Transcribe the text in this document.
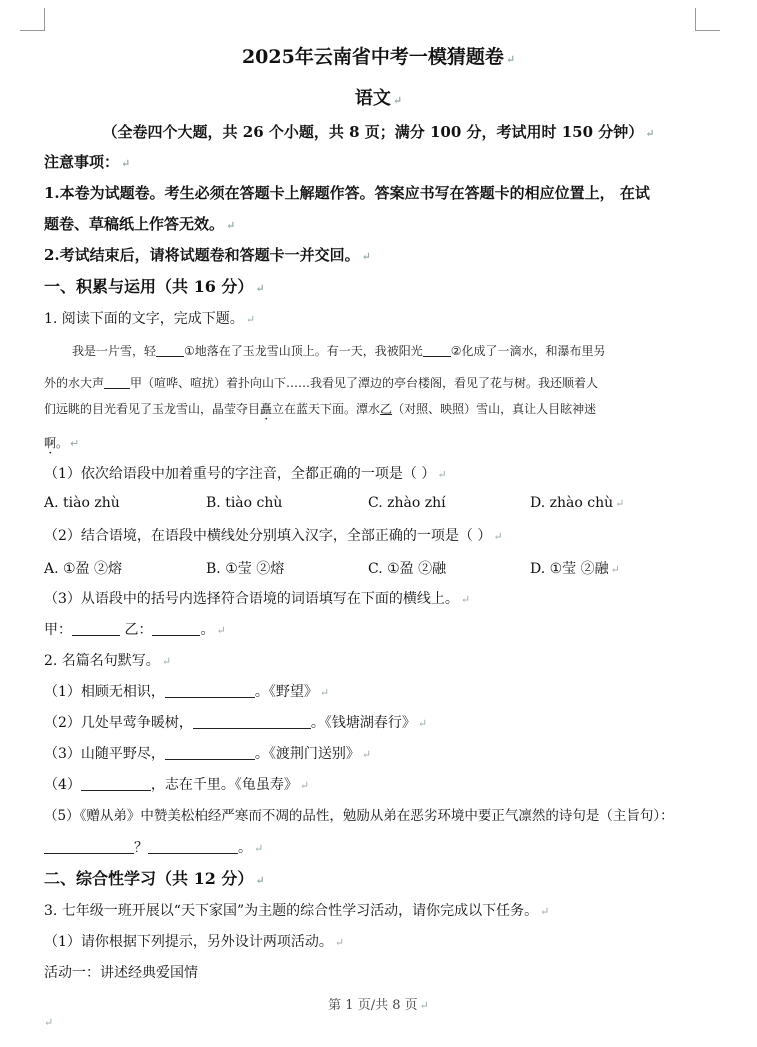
2025年云南省中考一模猜题卷 ↵
语文 ↵
（全卷四个大题，共 26 个小题，共 8 页；满分 100 分，考试用时 150 分钟） ↵
注意事项： ↵
1.本卷为试题卷。考生必须在答题卡上解题作答。答案应书写在答题卡的相应位置上， 在试
题卷、草稿纸上作答无效。 ↵
2.考试结束后，请将试题卷和答题卡一并交回。 ↵
一、积累与运用（共 16 分） ↵
1. 阅读下面的文字，完成下题。 ↵
我是一片雪，轻 ①地落在了玉龙雪山顶上。有一天，我被阳光 ②化成了一滴水，和瀑布里另
外的水大声 甲（喧哗、喧扰）着扑向山下……我看见了潭边的亭台楼阁，看见了花与树。我还顺着人
们远眺的目光看见了玉龙雪山，晶莹夺目矗立在蓝天下面。潭水乙（对照、映照）雪山，真让人目眩神迷
啊。 ↵
（1）依次给语段中加着重号的字注音，全都正确的一项是（ ） ↵
A. tiào zhù	B. tiào chù	C. zhào zhí	D. zhào chù ↵
（2）结合语境，在语段中横线处分别填入汉字，全部正确的一项是（ ） ↵
A. ①盈 ②熔	B. ①莹 ②熔	C. ①盈 ②融	D. ①莹 ②融 ↵
（3）从语段中的括号内选择符合语境的词语填写在下面的横线上。 ↵
甲：	乙：	。 ↵
2. 名篇名句默写。 ↵
（1）相顾无相识，	。《野望》 ↵
（2）几处早莺争暖树，	。《钱塘湖春行》 ↵
（3）山随平野尽，	。《渡荆门送别》 ↵
（4）	，志在千里。《龟虽寿》 ↵
（5）《赠从弟》中赞美松柏经严寒而不凋的品性，勉励从弟在恶劣环境中要正气凛然的诗句是（主旨句）：
？	。 ↵
二、综合性学习（共 12 分） ↵
3. 七年级一班开展以“天下家国”为主题的综合性学习活动，请你完成以下任务。 ↵
（1）请你根据下列提示，另外设计两项活动。 ↵
活动一：讲述经典爱国情
第 1 页/共 8 页 ↵
↵
